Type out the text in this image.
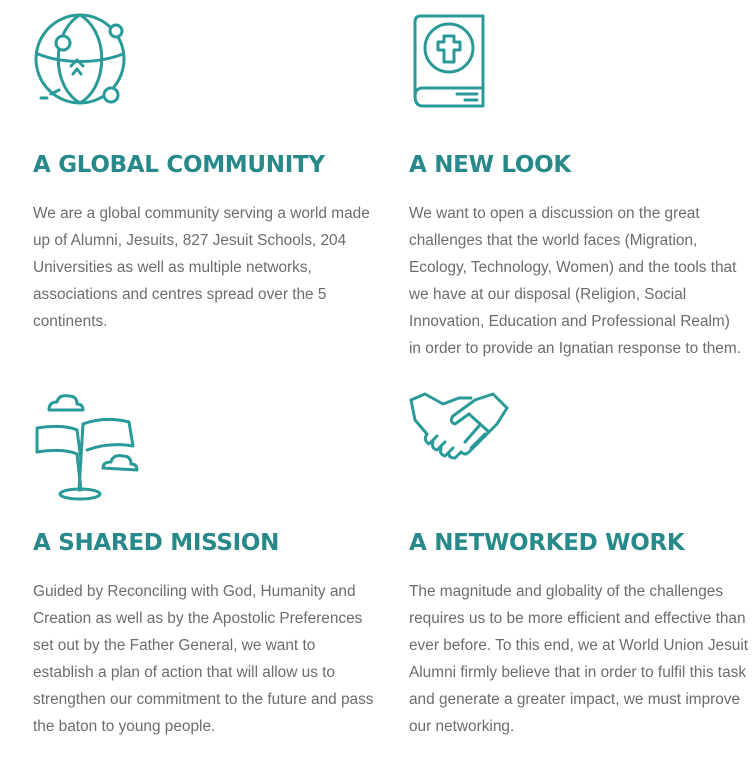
A GLOBAL COMMUNITY

We are a global community serving a world made up of Alumni, Jesuits, 827 Jesuit Schools, 204 Universities as well as multiple networks, associations and centres spread over the 5 continents.

A NEW LOOK

We want to open a discussion on the great challenges that the world faces (Migration, Ecology, Technology, Women) and the tools that we have at our disposal (Religion, Social Innovation, Education and Professional Realm) in order to provide an Ignatian response to them.

A SHARED MISSION

Guided by Reconciling with God, Humanity and Creation as well as by the Apostolic Preferences set out by the Father General, we want to establish a plan of action that will allow us to strengthen our commitment to the future and pass the baton to young people.

A NETWORKED WORK

The magnitude and globality of the challenges requires us to be more efficient and effective than ever before. To this end, we at World Union Jesuit Alumni firmly believe that in order to fulfil this task and generate a greater impact, we must improve our networking.
